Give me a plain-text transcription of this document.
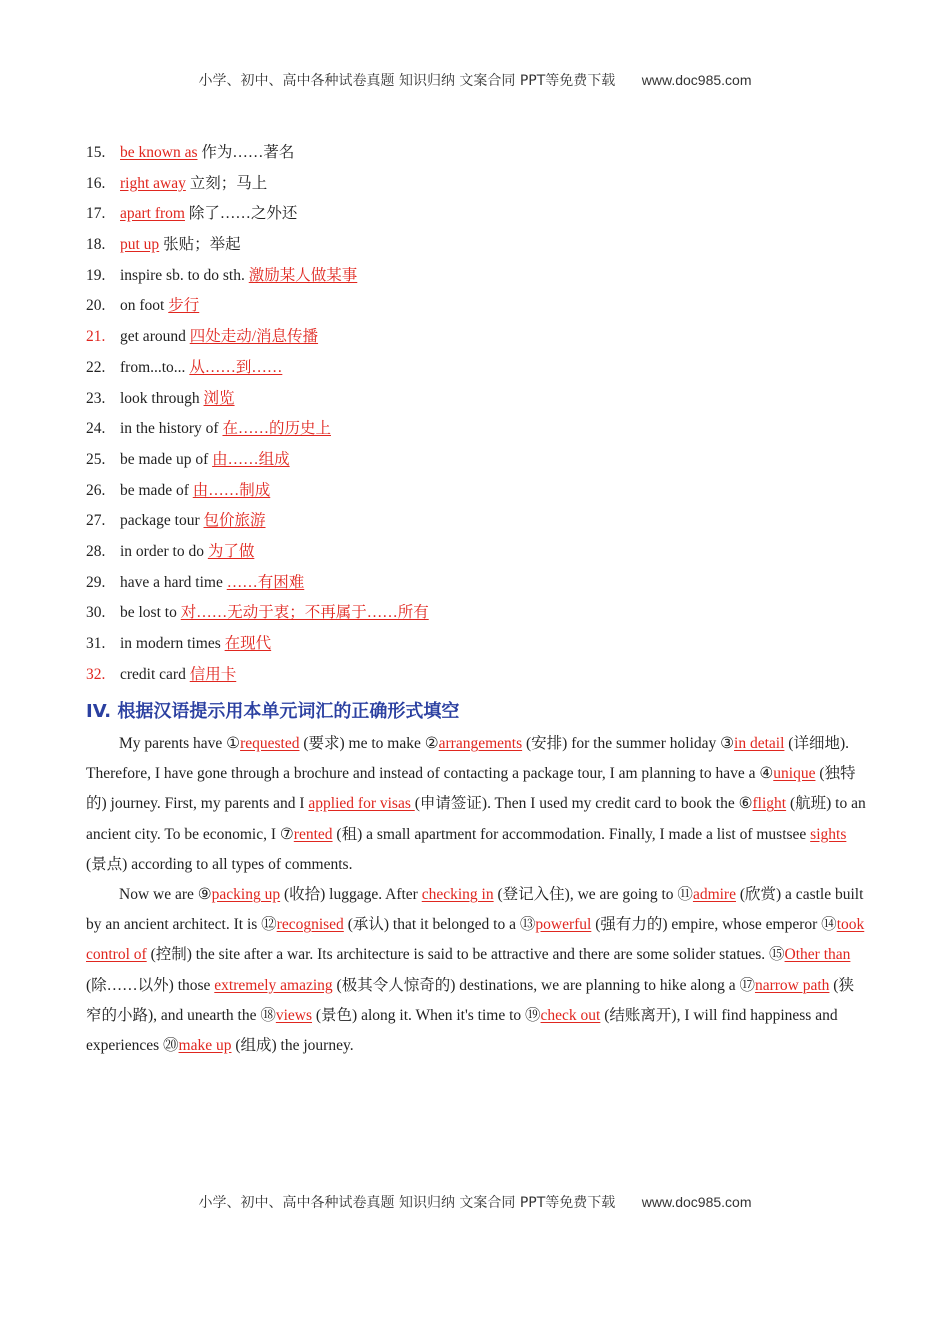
小学、初中、高中各种试卷真题 知识归纳 文案合同 PPT等免费下载 www.doc985.com
15. be known as 作为……著名
16. right away 立刻；马上
17. apart from 除了……之外还
18. put up 张贴；举起
19. inspire sb. to do sth. 激励某人做某事
20. on foot 步行
21. get around 四处走动/消息传播
22. from...to... 从……到……
23. look through 浏览
24. in the history of 在……的历史上
25. be made up of 由……组成
26. be made of 由……制成
27. package tour 包价旅游
28. in order to do 为了做
29. have a hard time ……有困难
30. be lost to 对……无动于衷；不再属于……所有
31. in modern times 在现代
32. credit card 信用卡
IV. 根据汉语提示用本单元词汇的正确形式填空

My parents have ①requested (要求) me to make ②arrangements (安排) for the summer holiday ③in detail (详细地). Therefore, I have gone through a brochure and instead of contacting a package tour, I am planning to have a ④unique (独特的) journey. First, my parents and I applied for visas (申请签证). Then I used my credit card to book the ⑥flight (航班) to an ancient city. To be economic, I ⑦rented (租) a small apartment for accommodation. Finally, I made a list of mustsee sights (景点) according to all types of comments.

Now we are ⑨packing up (收拾) luggage. After checking in (登记入住), we are going to ⑪admire (欣赏) a castle built by an ancient architect. It is ⑫recognised (承认) that it belonged to a ⑬powerful (强有力的) empire, whose emperor ⑭took control of (控制) the site after a war. Its architecture is said to be attractive and there are some solider statues. ⑮Other than (除……以外) those extremely amazing (极其令人惊奇的) destinations, we are planning to hike along a ⑰narrow path (狭窄的小路), and unearth the ⑱views (景色) along it. When it's time to ⑲check out (结账离开), I will find happiness and experiences ⑳make up (组成) the journey.

小学、初中、高中各种试卷真题 知识归纳 文案合同 PPT等免费下载 www.doc985.com
